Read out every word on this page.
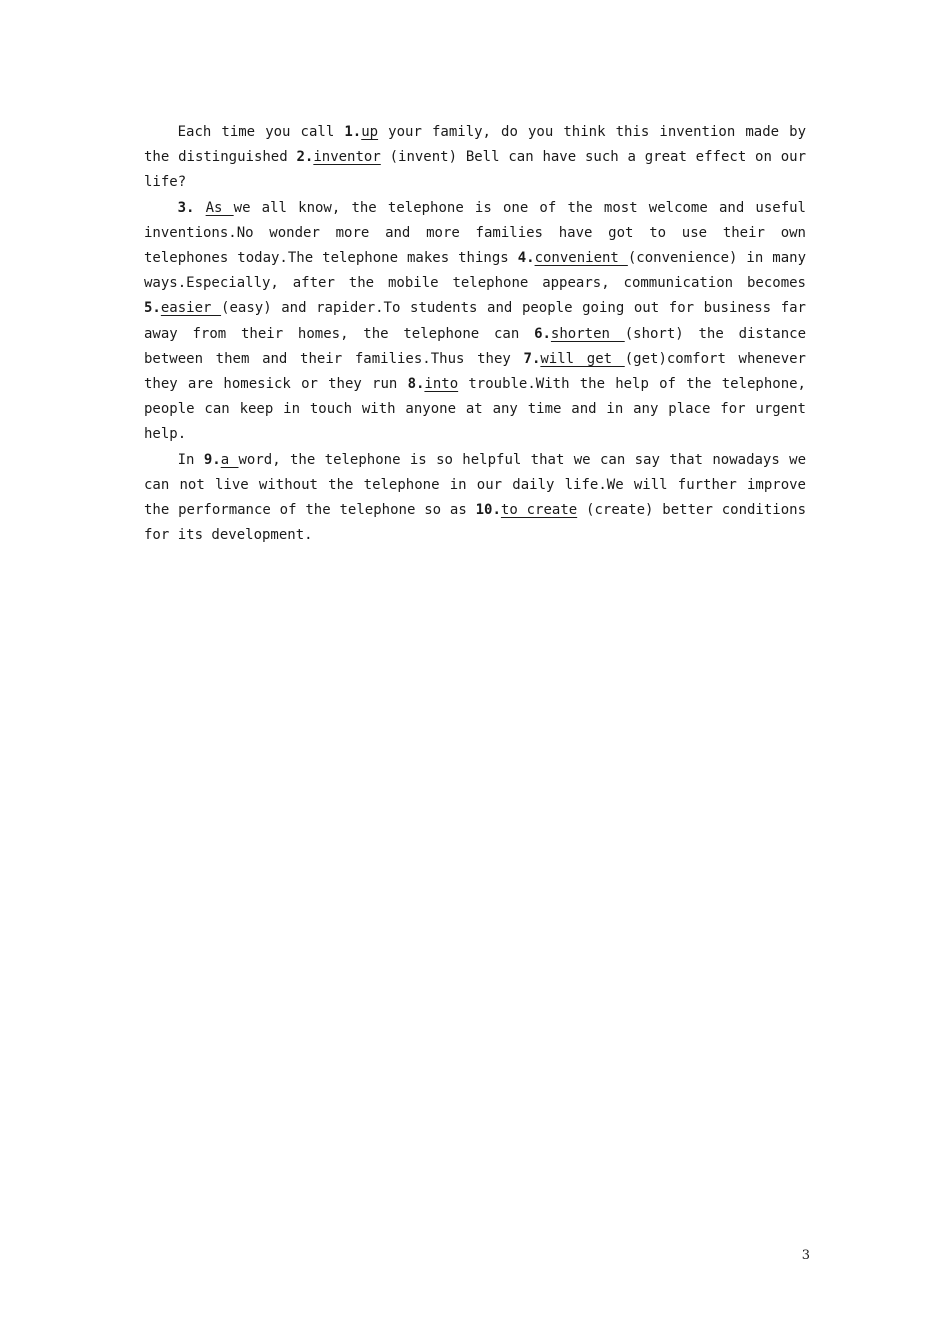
Each time you call 1.up your family, do you think this invention made by the distinguished 2.inventor (invent) Bell can have such a great effect on our life?

3. As we all know, the telephone is one of the most welcome and useful inventions.No wonder more and more families have got to use their own telephones today.The telephone makes things 4.convenient (convenience) in many ways.Especially, after the mobile telephone appears, communication becomes 5.easier (easy) and rapider.To students and people going out for business far away from their homes, the telephone can 6.shorten (short) the distance between them and their families.Thus they 7.will get (get)comfort whenever they are homesick or they run 8.into trouble.With the help of the telephone, people can keep in touch with anyone at any time and in any place for urgent help.

In 9.a word, the telephone is so helpful that we can say that nowadays we can not live without the telephone in our daily life.We will further improve the performance of the telephone so as 10.to create (create) better conditions for its development.

3
